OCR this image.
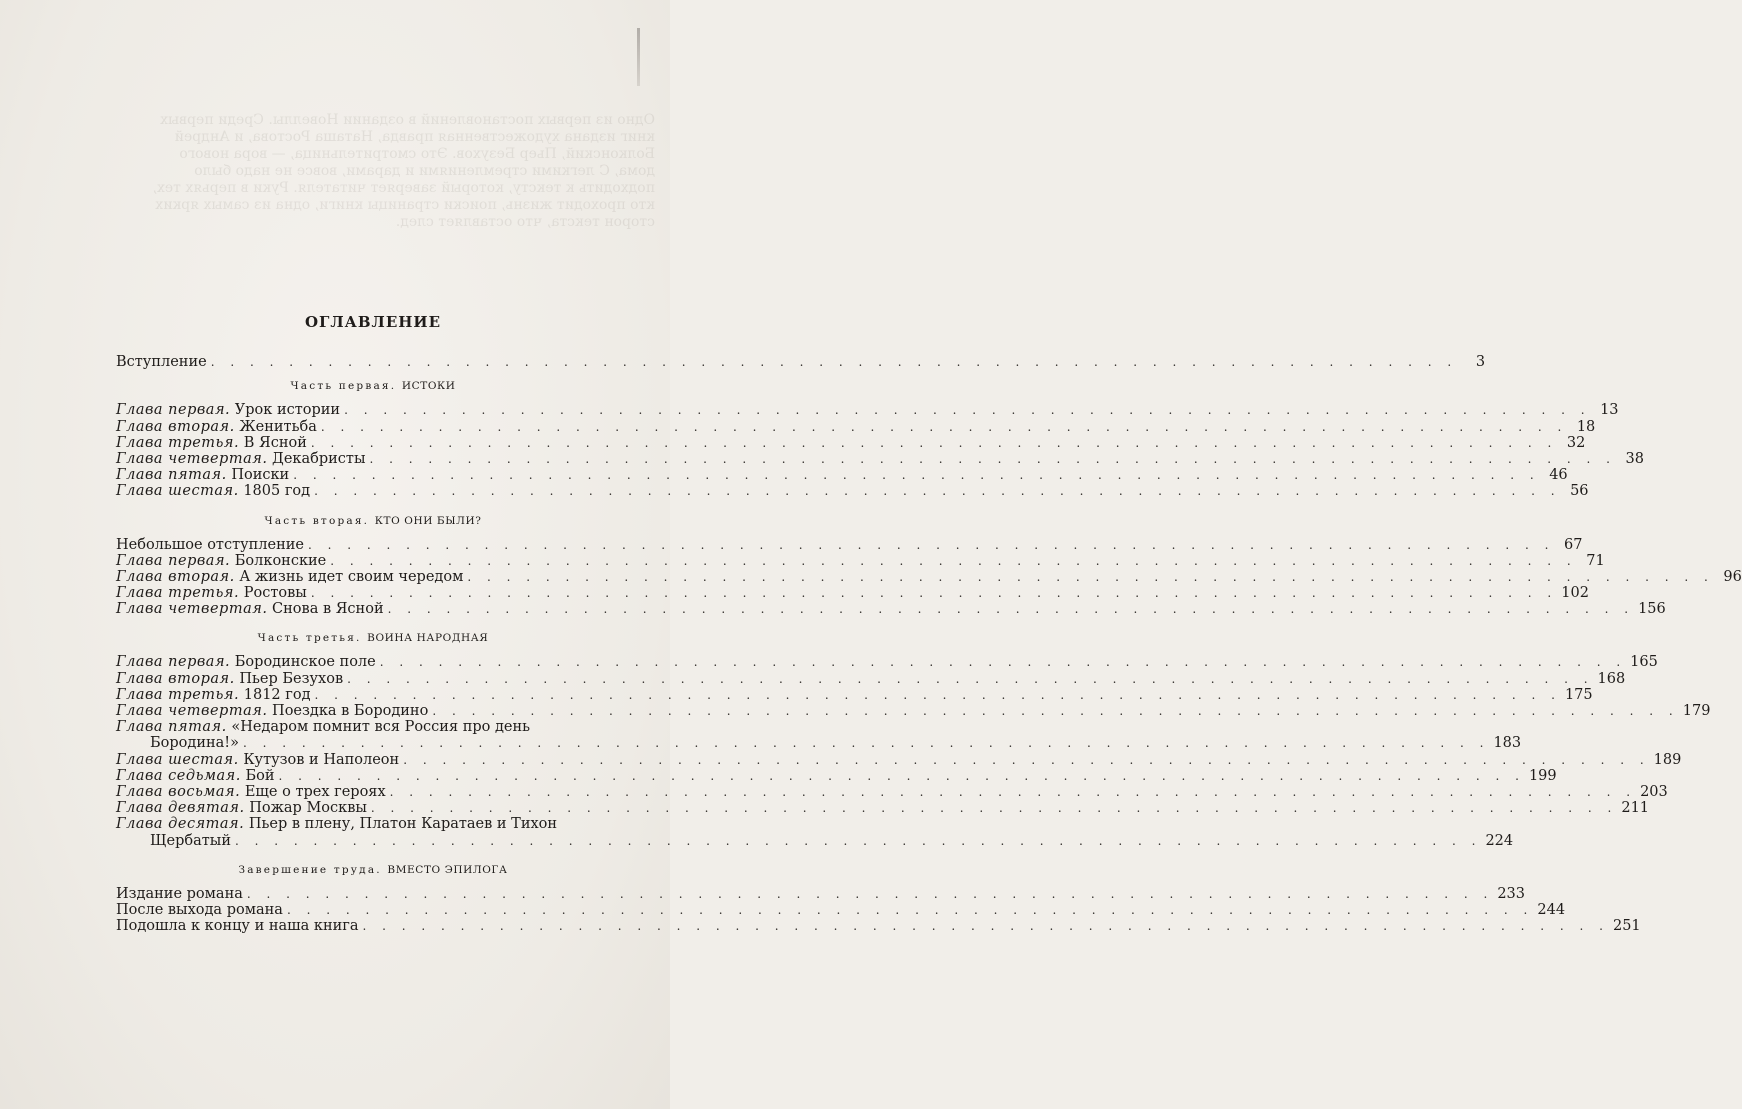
Одно из первых постановлений в оздании Новеллы. Среди первых книг издана художественная правда, Наташа Ростова, и Андрей Болконский, Пьер Безухов. Это смотрительница, — вора нового дома, С легкими стремлениями и дарами, вовсе не надо было подходить к тексту, который заверяет читателя. Руки в перьях тех, кто проходит жизнь, поиски страницы книги, одна из самых ярких сторон текста, что оставляет след.
ОГЛАВЛЕНИЕ
Вступление . . .	3
Часть первая. ИСТОКИ
Глава первая. Урок истории . . .	13
Глава вторая. Женитьба . . .	18
Глава третья. В Ясной . . .	32
Глава четвертая. Декабристы . . .	38
Глава пятая. Поиски . . .	46
Глава шестая. 1805 год . . .	56
Часть вторая. КТО ОНИ БЫЛИ?
Небольшое отступление . . .	67
Глава первая. Болконские . . .	71
Глава вторая. А жизнь идет своим чередом . . .	96
Глава третья. Ростовы . . .	102
Глава четвертая. Снова в Ясной . . .	156
Часть третья. ВОИНА НАРОДНАЯ
Глава первая. Бородинское поле . . .	165
Глава вторая. Пьер Безухов . . .	168
Глава третья. 1812 год . . .	175
Глава четвертая. Поездка в Бородино . . .	179
Глава пятая. «Недаром помнит вся Россия про день
Бородина!» . . .	183
Глава шестая. Кутузов и Наполеон . . .	189
Глава седьмая. Бой . . .	199
Глава восьмая. Еще о трех героях . . .	203
Глава девятая. Пожар Москвы . . .	211
Глава десятая. Пьер в плену, Платон Каратаев и Тихон
Щербатый . . .	224
Завершение труда. ВМЕСТО ЭПИЛОГА
Издание романа . . .	233
После выхода романа . . .	244
Подошла к концу и наша книга . . .	251
